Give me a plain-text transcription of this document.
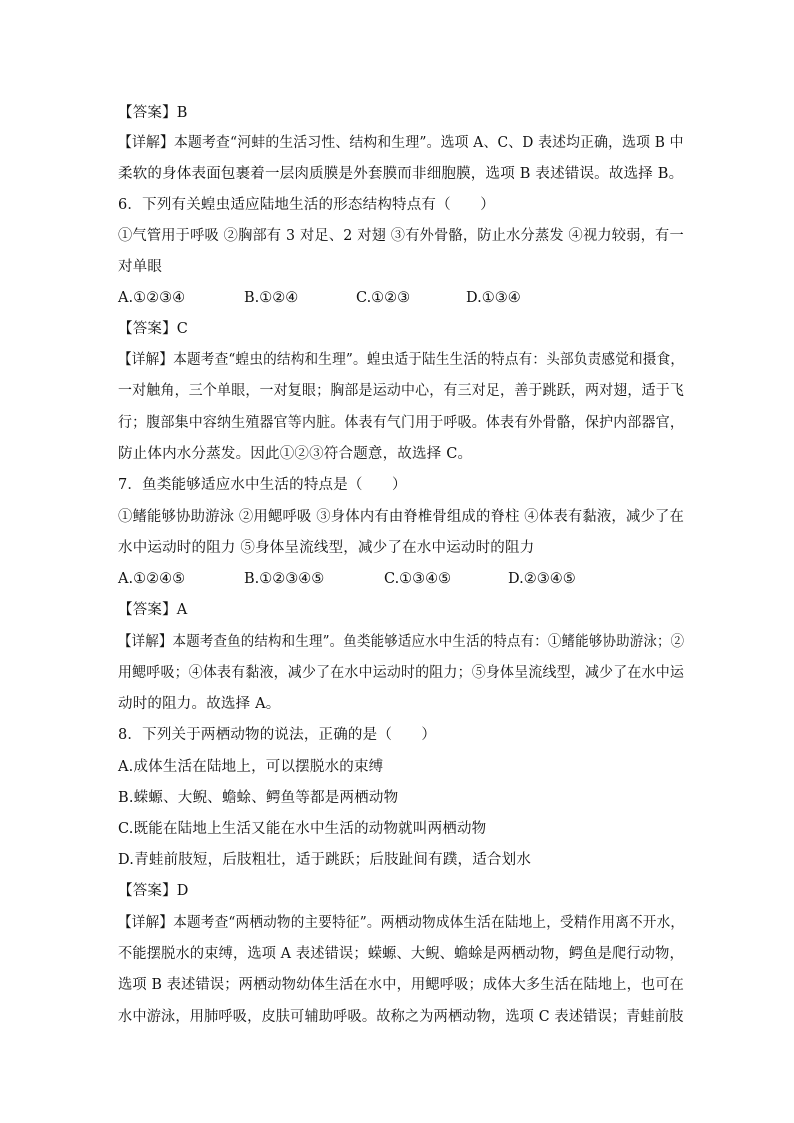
【答案】B
【详解】本题考查“河蚌的生活习性、结构和生理”。选项 A、C、D 表述均正确，选项 B 中
柔软的身体表面包裹着一层肉质膜是外套膜而非细胞膜，选项 B 表述错误。故选择 B。
6．下列有关蝗虫适应陆地生活的形态结构特点有（　　）
①气管用于呼吸 ②胸部有 3 对足、2 对翅 ③有外骨骼，防止水分蒸发 ④视力较弱，有一
对单眼
A.①②③④	B.①②④	C.①②③	D.①③④
【答案】C
【详解】本题考查“蝗虫的结构和生理”。蝗虫适于陆生生活的特点有：头部负责感觉和摄食，
一对触角，三个单眼，一对复眼；胸部是运动中心，有三对足，善于跳跃，两对翅，适于飞
行；腹部集中容纳生殖器官等内脏。体表有气门用于呼吸。体表有外骨骼，保护内部器官，
防止体内水分蒸发。因此①②③符合题意，故选择 C。
7．鱼类能够适应水中生活的特点是（　　）
①鳍能够协助游泳 ②用鳃呼吸 ③身体内有由脊椎骨组成的脊柱 ④体表有黏液，减少了在
水中运动时的阻力 ⑤身体呈流线型，减少了在水中运动时的阻力
A.①②④⑤	B.①②③④⑤	C.①③④⑤	D.②③④⑤
【答案】A
【详解】本题考查鱼的结构和生理”。鱼类能够适应水中生活的特点有：①鳍能够协助游泳；②
用鳃呼吸；④体表有黏液，减少了在水中运动时的阻力；⑤身体呈流线型，减少了在水中运
动时的阻力。故选择 A。
8．下列关于两栖动物的说法，正确的是（　　）
A.成体生活在陆地上，可以摆脱水的束缚
B.蝾螈、大鲵、蟾蜍、鳄鱼等都是两栖动物
C.既能在陆地上生活又能在水中生活的动物就叫两栖动物
D.青蛙前肢短，后肢粗壮，适于跳跃；后肢趾间有蹼，适合划水
【答案】D
【详解】本题考查“两栖动物的主要特征”。两栖动物成体生活在陆地上，受精作用离不开水，
不能摆脱水的束缚，选项 A 表述错误；蝾螈、大鲵、蟾蜍是两栖动物，鳄鱼是爬行动物，
选项 B 表述错误；两栖动物幼体生活在水中，用鳃呼吸；成体大多生活在陆地上，也可在
水中游泳，用肺呼吸，皮肤可辅助呼吸。故称之为两栖动物，选项 C 表述错误；青蛙前肢
